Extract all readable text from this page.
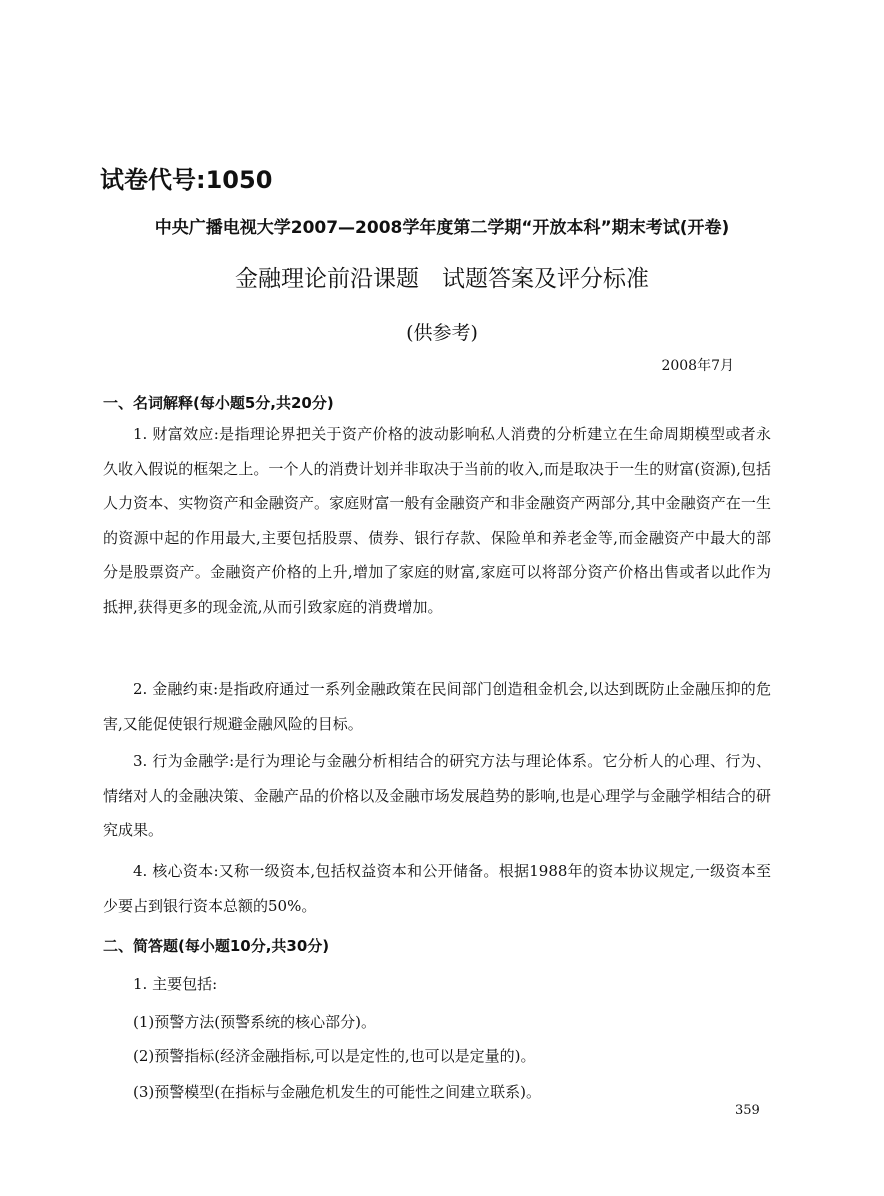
试卷代号:1050
中央广播电视大学2007—2008学年度第二学期“开放本科”期末考试(开卷)
金融理论前沿课题　试题答案及评分标准
(供参考)
2008年7月
一、名词解释(每小题5分,共20分)
1. 财富效应:是指理论界把关于资产价格的波动影响私人消费的分析建立在生命周期模型或者永久收入假说的框架之上。一个人的消费计划并非取决于当前的收入,而是取决于一生的财富(资源),包括人力资本、实物资产和金融资产。家庭财富一般有金融资产和非金融资产两部分,其中金融资产在一生的资源中起的作用最大,主要包括股票、债券、银行存款、保险单和养老金等,而金融资产中最大的部分是股票资产。金融资产价格的上升,增加了家庭的财富,家庭可以将部分资产价格出售或者以此作为抵押,获得更多的现金流,从而引致家庭的消费增加。
2. 金融约束:是指政府通过一系列金融政策在民间部门创造租金机会,以达到既防止金融压抑的危害,又能促使银行规避金融风险的目标。
3. 行为金融学:是行为理论与金融分析相结合的研究方法与理论体系。它分析人的心理、行为、情绪对人的金融决策、金融产品的价格以及金融市场发展趋势的影响,也是心理学与金融学相结合的研究成果。
4. 核心资本:又称一级资本,包括权益资本和公开储备。根据1988年的资本协议规定,一级资本至少要占到银行资本总额的50%。
二、简答题(每小题10分,共30分)
1. 主要包括:
(1)预警方法(预警系统的核心部分)。
(2)预警指标(经济金融指标,可以是定性的,也可以是定量的)。
(3)预警模型(在指标与金融危机发生的可能性之间建立联系)。
359
